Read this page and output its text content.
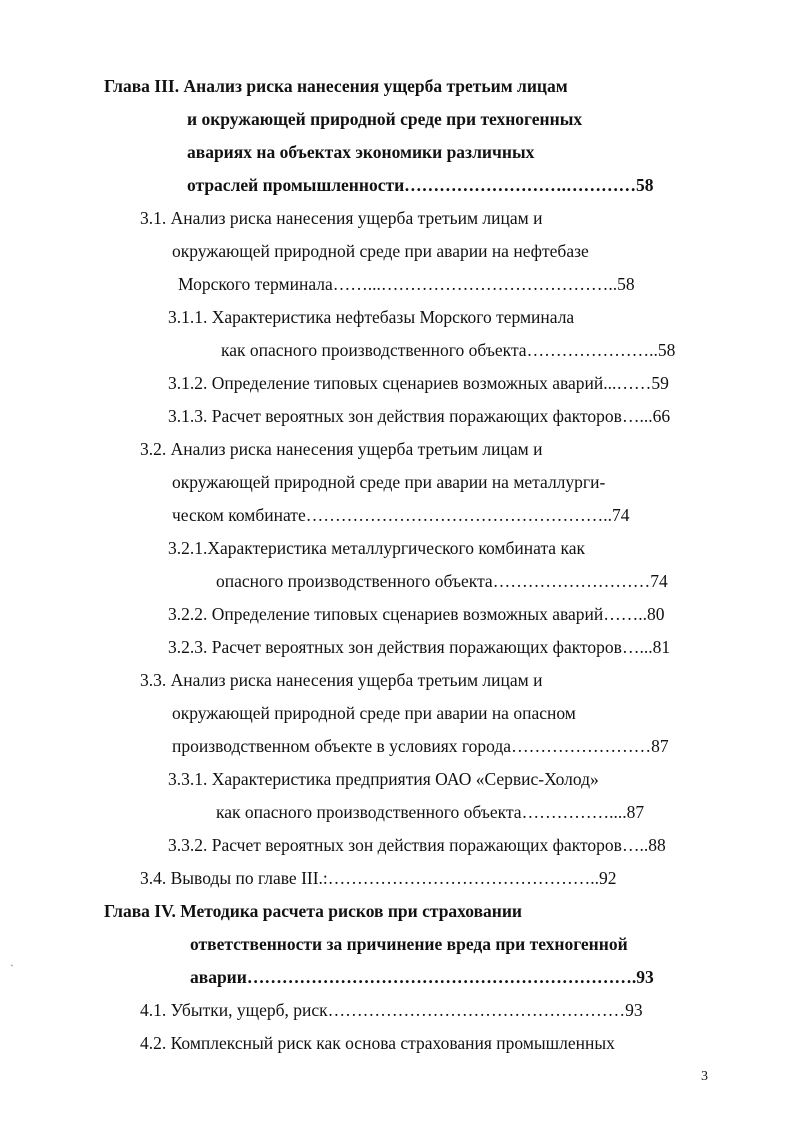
Глава III. Анализ риска нанесения ущерба третьим лицам
и окружающей природной среде при техногенных
авариях на объектах экономики различных
отраслей промышленности……………………….…………58
3.1. Анализ риска нанесения ущерба третьим лицам и
окружающей природной среде при аварии на нефтебазе
Морского терминала……...…………………………………..58
3.1.1. Характеристика нефтебазы Морского терминала
как опасного производственного объекта…………………..58
3.1.2. Определение типовых сценариев возможных аварий...……59
3.1.3. Расчет вероятных зон действия поражающих факторов…...66
3.2. Анализ риска нанесения ущерба третьим лицам и
окружающей природной среде при аварии на металлурги-
ческом комбинате……………………………………………..74
3.2.1.Характеристика металлургического комбината как
опасного производственного объекта………………………74
3.2.2. Определение типовых сценариев возможных аварий……..80
3.2.3. Расчет вероятных зон действия поражающих факторов…...81
3.3. Анализ риска нанесения ущерба третьим лицам и
окружающей природной среде при аварии на опасном
производственном объекте в условиях города……………………87
3.3.1. Характеристика предприятия ОАО «Сервис-Холод»
как опасного производственного объекта……………....87
3.3.2. Расчет вероятных зон действия поражающих факторов…..88
3.4. Выводы по главе III.:………………………………………..92
Глава IV. Методика расчета рисков при страховании
ответственности за причинение вреда при техногенной
аварии………………………………………………………….93
4.1. Убытки, ущерб, риск……………………………………………93
4.2. Комплексный риск как основа страхования промышленных
`
3
